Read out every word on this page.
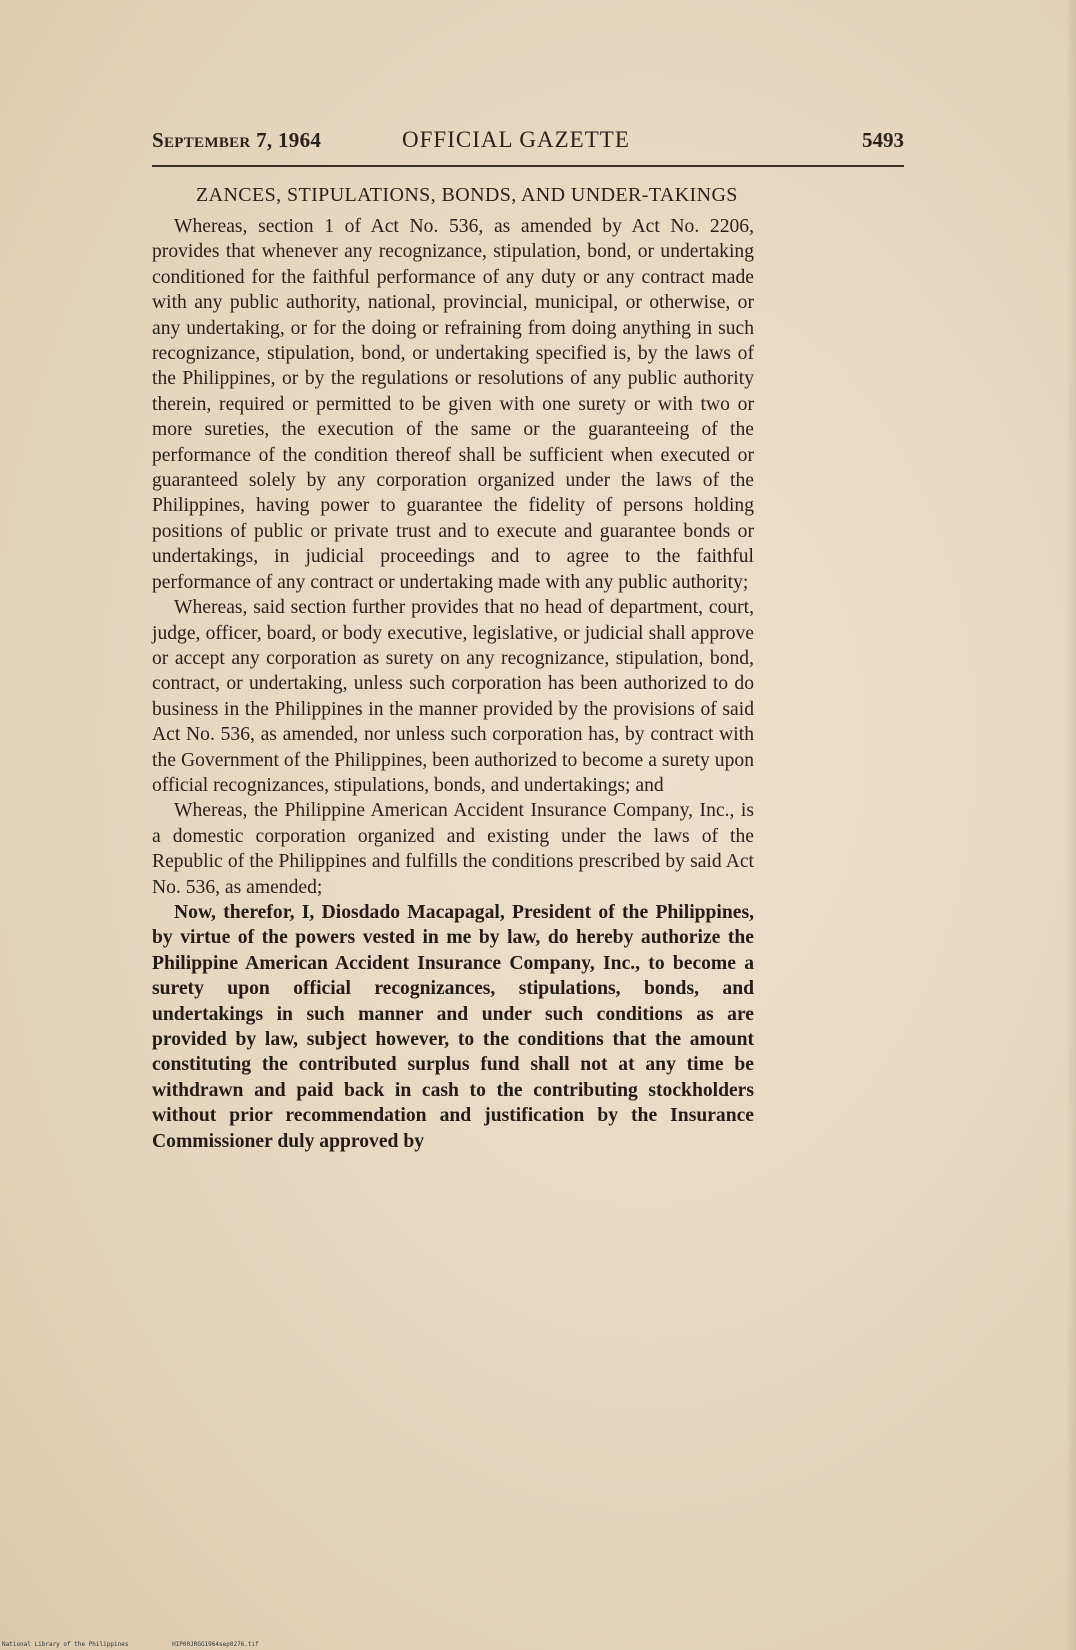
September 7, 1964	OFFICIAL GAZETTE	5493

ZANCES, STIPULATIONS, BONDS, AND UNDER-TAKINGS

Whereas, section 1 of Act No. 536, as amended by Act No. 2206, provides that whenever any recognizance, stipulation, bond, or undertaking conditioned for the faithful performance of any duty or any contract made with any public authority, national, provincial, municipal, or otherwise, or any undertaking, or for the doing or refraining from doing anything in such recognizance, stipulation, bond, or undertaking specified is, by the laws of the Philippines, or by the regulations or resolutions of any public authority therein, required or permitted to be given with one surety or with two or more sureties, the execution of the same or the guaranteeing of the performance of the condition thereof shall be sufficient when executed or guaranteed solely by any corporation organized under the laws of the Philippines, having power to guarantee the fidelity of persons holding positions of public or private trust and to execute and guarantee bonds or undertakings, in judicial proceedings and to agree to the faithful performance of any contract or undertaking made with any public authority;

Whereas, said section further provides that no head of department, court, judge, officer, board, or body executive, legislative, or judicial shall approve or accept any corporation as surety on any recognizance, stipulation, bond, contract, or undertaking, unless such corporation has been authorized to do business in the Philippines in the manner provided by the provisions of said Act No. 536, as amended, nor unless such corporation has, by contract with the Government of the Philippines, been authorized to become a surety upon official recognizances, stipulations, bonds, and undertakings; and

Whereas, the Philippine American Accident Insurance Company, Inc., is a domestic corporation organized and existing under the laws of the Republic of the Philippines and fulfills the conditions prescribed by said Act No. 536, as amended;

Now, therefor, I, Diosdado Macapagal, President of the Philippines, by virtue of the powers vested in me by law, do hereby authorize the Philippine American Accident Insurance Company, Inc., to become a surety upon official recognizances, stipulations, bonds, and undertakings in such manner and under such conditions as are provided by law, subject however, to the conditions that the amount constituting the contributed surplus fund shall not at any time be withdrawn and paid back in cash to the contributing stockholders without prior recommendation and justification by the Insurance Commissioner duly approved by

National Library of the Philippines	HIP00JRGG1964sep0276.tif
